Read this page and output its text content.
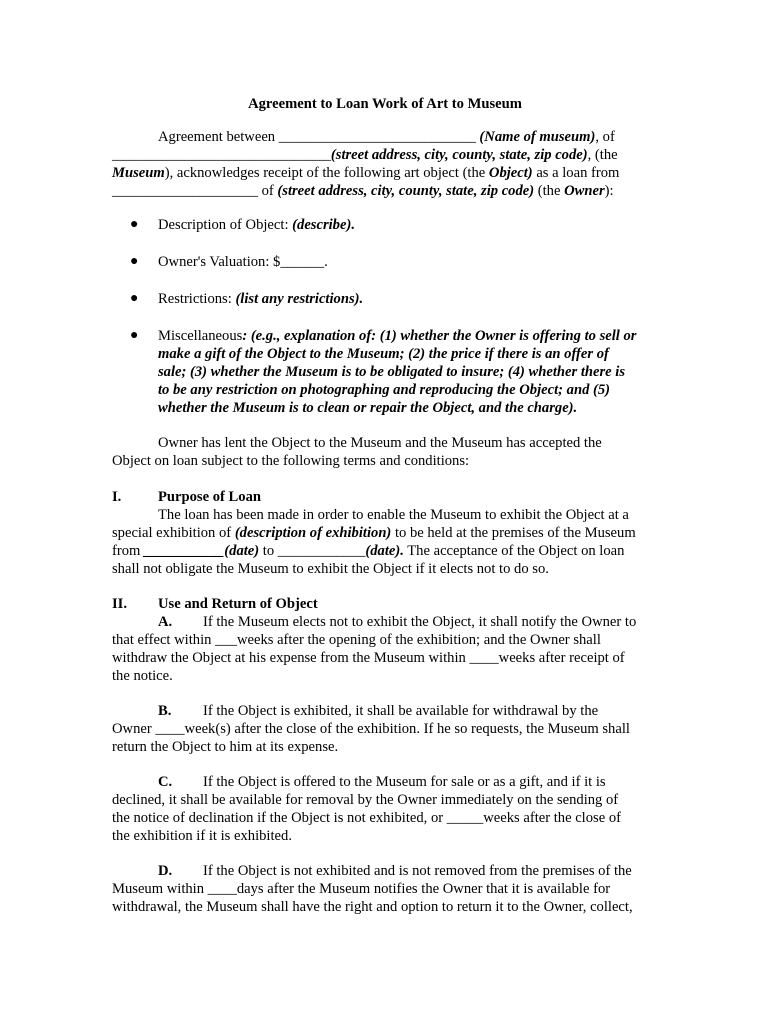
Agreement to Loan Work of Art to Museum
Agreement between ___________________________ (Name of museum), of
______________________________(street address, city, county, state, zip code), (the
Museum), acknowledges receipt of the following art object (the Object) as a loan from
____________________ of (street address, city, county, state, zip code) (the Owner):
● Description of Object: (describe).
● Owner's Valuation: $______.
● Restrictions: (list any restrictions).
● Miscellaneous: (e.g., explanation of: (1) whether the Owner is offering to sell or
make a gift of the Object to the Museum; (2) the price if there is an offer of
sale; (3) whether the Museum is to be obligated to insure; (4) whether there is
to be any restriction on photographing and reproducing the Object; and (5)
whether the Museum is to clean or repair the Object, and the charge).
Owner has lent the Object to the Museum and the Museum has accepted the
Object on loan subject to the following terms and conditions:
I.	Purpose of Loan
The loan has been made in order to enable the Museum to exhibit the Object at a
special exhibition of (description of exhibition) to be held at the premises of the Museum
from ___________(date) to ____________(date). The acceptance of the Object on loan
shall not obligate the Museum to exhibit the Object if it elects not to do so.
II. Use and Return of Object
A. If the Museum elects not to exhibit the Object, it shall notify the Owner to
that effect within ___weeks after the opening of the exhibition; and the Owner shall
withdraw the Object at his expense from the Museum within ____weeks after receipt of
the notice.
B. If the Object is exhibited, it shall be available for withdrawal by the
Owner ____week(s) after the close of the exhibition. If he so requests, the Museum shall
return the Object to him at its expense.
C. If the Object is offered to the Museum for sale or as a gift, and if it is
declined, it shall be available for removal by the Owner immediately on the sending of
the notice of declination if the Object is not exhibited, or _____weeks after the close of
the exhibition if it is exhibited.
D. If the Object is not exhibited and is not removed from the premises of the
Museum within ____days after the Museum notifies the Owner that it is available for
withdrawal, the Museum shall have the right and option to return it to the Owner, collect,
